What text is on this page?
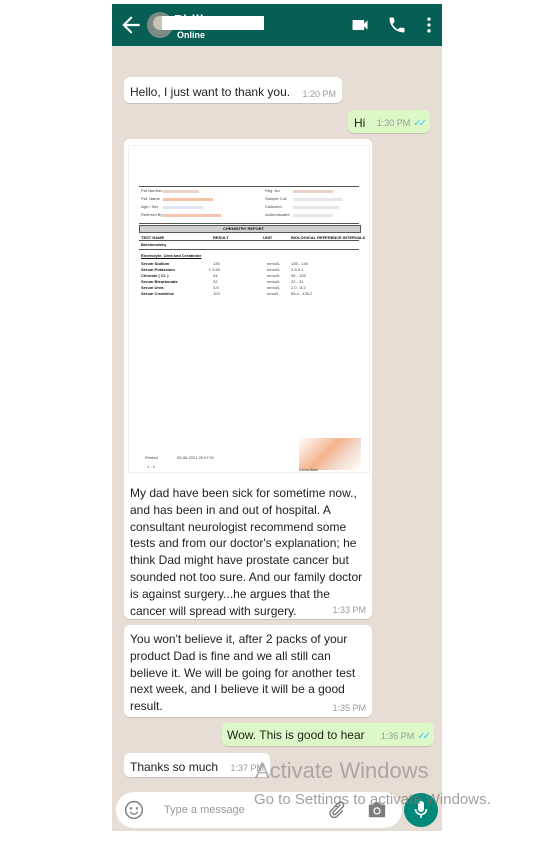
Online
Hello, I just want to thank you. 1:20 PM
Hi 1:30 PM ✓✓
Pat Number
Pat. Name
Age / Sex
Referred By
Reg. No
Sample Coll
Collected
Authenticated
CHEMISTRY REPORT
TEST NAME	RESULT	UNIT	BIOLOGICAL REFERENCE INTERVALS
Biochemistry
Electrolyte, Urea and Creatinine
Serum Sodium	135	mmol/L	135 - 145
Serum Potassium	L 3.50	mmol/L	3.5-5.1
Chloride ( Cl- )	94	mmol/L	95 - 105
Serum Bicarbonate	22	mmol/L	22 - 31
Serum Urea	3.5	mmol/L	2.0 - 8.2
Serum Creatinine	103	umol/L	65.4 - 133.2
Printed	05-06-2021 20:07:01
1 - 1
Consultant
My dad have been sick for sometime now., and has been in and out of hospital. A consultant neurologist recommend some tests and from our doctor's explanation; he think Dad might have prostate cancer but sounded not too sure. And our family doctor is against surgery...he argues that the cancer will spread with surgery.	1:33 PM
You won't believe it, after 2 packs of your product Dad is fine and we all still can believe it. We will be going for another test next week, and I believe it will be a good result.	1:35 PM
Wow. This is good to hear 1:36 PM ✓✓
Thanks so much 1:37 PM
Type a message
Activate Windows
Go to Settings to activate Windows.
